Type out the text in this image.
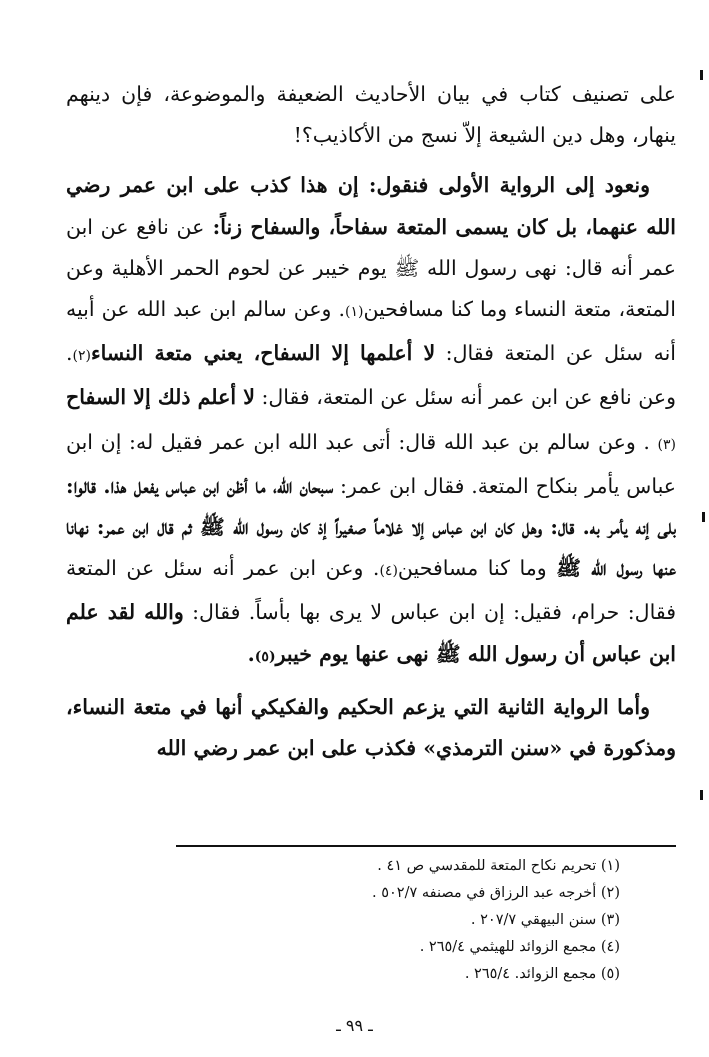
على تصنيف كتاب في بيان الأحاديث الضعيفة والموضوعة، فإن دينهم ينهار، وهل دين الشيعة إلاّ نسج من الأكاذيب؟!

ونعود إلى الرواية الأولى فنقول: إن هذا كذب على ابن عمر رضي الله عنهما، بل كان يسمى المتعة سفاحاً، والسفاح زناً: عن نافع عن ابن عمر أنه قال: نهى رسول الله ﷺ يوم خيبر عن لحوم الحمر الأهلية وعن المتعة، متعة النساء وما كنا مسافحين(١). وعن سالم ابن عبد الله عن أبيه أنه سئل عن المتعة فقال: لا أعلمها إلا السفاح، يعني متعة النساء(٢). وعن نافع عن ابن عمر أنه سئل عن المتعة، فقال: لا أعلم ذلك إلا السفاح (٣) . وعن سالم بن عبد الله قال: أتى عبد الله ابن عمر فقيل له: إن ابن عباس يأمر بنكاح المتعة. فقال ابن عمر: سبحان الله، ما أظن ابن عباس يفعل هذا. قالوا: بلى إنه يأمر به. قال: وهل كان ابن عباس إلا غلاماً صغيراً إذ كان رسول الله ﷺ ثم قال ابن عمر: نهانا عنها رسول الله ﷺ وما كنا مسافحين(٤). وعن ابن عمر أنه سئل عن المتعة فقال: حرام، فقيل: إن ابن عباس لا يرى بها بأساً. فقال: والله لقد علم ابن عباس أن رسول الله ﷺ نهى عنها يوم خيبر(٥).

وأما الرواية الثانية التي يزعم الحكيم والفكيكي أنها في متعة النساء، ومذكورة في «سنن الترمذي» فكذب على ابن عمر رضي الله

(١) تحريم نكاح المتعة للمقدسي ص ٤١ .
(٢) أخرجه عبد الرزاق في مصنفه ٥٠٢/٧ .
(٣) سنن البيهقي ٢٠٧/٧ .
(٤) مجمع الزوائد للهيثمي ٢٦٥/٤ .
(٥) مجمع الزوائد. ٢٦٥/٤ .
ـ ٩٩ ـ
